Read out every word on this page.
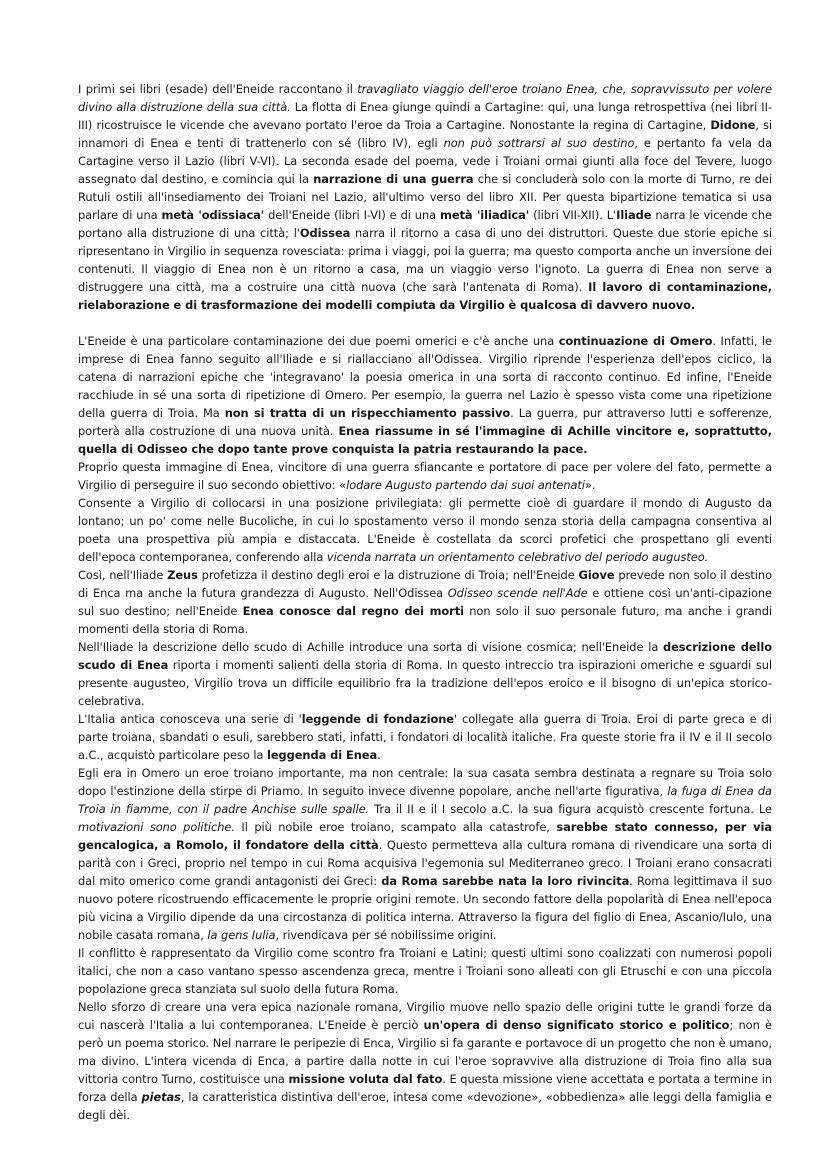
I primi sei libri (esade) dell'Eneide raccontano il travagliato viaggio dell'eroe troiano Enea, che, sopravvissuto per volere divino alla distruzione della sua città. La flotta di Enea giunge quindi a Cartagine: qui, una lunga retrospettiva (nei libri II-III) ricostruisce le vicende che avevano portato l'eroe da Troia a Cartagine. Nonostante la regina di Cartagine, Didone, si innamori di Enea e tenti di trattenerlo con sé (libro IV), egli non può sottrarsi al suo destino, e pertanto fa vela da Cartagine verso il Lazio (libri V-VI). La seconda esade del poema, vede i Troiani ormai giunti alla foce del Tevere, luogo assegnato dal destino, e comincia qui la narrazione di una guerra che si concluderà solo con la morte di Turno, re dei Rutuli ostili all'insediamento dei Troiani nel Lazio, all'ultimo verso del libro XII. Per questa bipartizione tematica si usa parlare di una metà 'odissiaca' dell'Eneide (libri I-VI) e di una metà 'iliadica' (libri VII-XII). L'Iliade narra le vicende che portano alla distruzione di una città; l'Odissea narra il ritorno a casa di uno dei distruttori. Queste due storie epiche si ripresentano in Virgilio in sequenza rovesciata: prima i viaggi, poi la guerra; ma questo comporta anche un inversione dei contenuti. Il viaggio di Enea non è un ritorno a casa, ma un viaggio verso l'ignoto. La guerra di Enea non serve a distruggere una città, ma a costruire una città nuova (che sarà l'antenata di Roma). Il lavoro di contaminazione, rielaborazione e di trasformazione dei modelli compiuta da Virgilio è qualcosa di davvero nuovo.

L'Eneide è una particolare contaminazione dei due poemi omerici e c'è anche una continuazione di Omero. Infatti, le imprese di Enea fanno seguito all'Iliade e si riallacciano all'Odissea. Virgilio riprende l'esperienza dell'epos ciclico, la catena di narrazioni epiche che 'integravano' la poesia omerica in una sorta di racconto continuo. Ed infine, l'Eneide racchiude in sé una sorta di ripetizione di Omero. Per esempio, la guerra nel Lazio è spesso vista come una ripetizione della guerra di Troia. Ma non si tratta di un rispecchiamento passivo. La guerra, pur attraverso lutti e sofferenze, porterà alla costruzione di una nuova unità. Enea riassume in sé l'immagine di Achille vincitore e, soprattutto, quella di Odisseo che dopo tante prove conquista la patria restaurando la pace.

Proprio questa immagine di Enea, vincitore di una guerra sfiancante e portatore di pace per volere del fato, permette a Virgilio di perseguire il suo secondo obiettivo: «lodare Augusto partendo dai suoi antenati».

Consente a Virgilio di collocarsi in una posizione privilegiata: gli permette cioè di guardare il mondo di Augusto da lontano; un po' come nelle Bucoliche, in cui lo spostamento verso il mondo senza storia della campagna consentiva al poeta una prospettiva più ampia e distaccata. L'Eneide è costellata da scorci profetici che prospettano gli eventi dell'epoca contemporanea, conferendo alla vicenda narrata un orientamento celebrativo del periodo augusteo.

Così, nell'Iliade Zeus profetizza il destino degli eroi e la distruzione di Troia; nell'Eneide Giove prevede non solo il destino di Enca ma anche la futura grandezza di Augusto. Nell'Odissea Odisseo scende nell'Ade e ottiene così un'anti-cipazione sul suo destino; nell'Eneide Enea conosce dal regno dei morti non solo il suo personale futuro, ma anche i grandi momenti della storia di Roma.

Nell'Iliade la descrizione dello scudo di Achille introduce una sorta di visione cosmica; nell'Eneide la descrizione dello scudo di Enea riporta i momenti salienti della storia di Roma. In questo intreccio tra ispirazioni omeriche e sguardi sul presente augusteo, Virgilio trova un difficile equilibrio fra la tradizione dell'epos eroico e il bisogno di un'epica storico-celebrativa.

L'Italia antica conosceva una serie di 'leggende di fondazione' collegate alla guerra di Troia. Eroi di parte greca e di parte troiana, sbandati o esuli, sarebbero stati, infatti, i fondatori di località italiche. Fra queste storie fra il IV e il II secolo a.C., acquistò particolare peso la leggenda di Enea.

Egli era in Omero un eroe troiano importante, ma non centrale: la sua casata sembra destinata a regnare su Troia solo dopo l'estinzione della stirpe di Priamo. In seguito invece divenne popolare, anche nell'arte figurativa, la fuga di Enea da Troia in fiamme, con il padre Anchise sulle spalle. Tra il II e il I secolo a.C. la sua figura acquistò crescente fortuna. Le motivazioni sono politiche. Il più nobile eroe troiano, scampato alla catastrofe, sarebbe stato connesso, per via gencalogica, a Romolo, il fondatore della città. Questo permetteva alla cultura romana di rivendicare una sorta di parità con i Greci, proprio nel tempo in cui Roma acquisiva l'egemonia sul Mediterraneo greco. I Troiani erano consacrati dal mito omerico come grandi antagonisti dei Greci: da Roma sarebbe nata la loro rivincita. Roma legittimava il suo nuovo potere ricostruendo efficacemente le proprie origini remote. Un secondo fattore della popolarità di Enea nell'epoca più vicina a Virgilio dipende da una circostanza di politica interna. Attraverso la figura del figlio di Enea, Ascanio/Iulo, una nobile casata romana, la gens Iulia, rivendicava per sé nobilissime origini.

Il conflitto è rappresentato da Virgilio come scontro fra Troiani e Latini; questi ultimi sono coalizzati con numerosi popoli italici, che non a caso vantano spesso ascendenza greca, mentre i Troiani sono alleati con gli Etruschi e con una piccola popolazione greca stanziata sul suolo della futura Roma.

Nello sforzo di creare una vera epica nazionale romana, Virgilio muove nello spazio delle origini tutte le grandi forze da cui nascerà l'Italia a lui contemporanea. L'Eneide è perciò un'opera di denso significato storico e politico; non è però un poema storico. Nel narrare le peripezie di Enca, Virgilio si fa garante e portavoce di un progetto che non è umano, ma divino. L'intera vicenda di Enca, a partire dalla notte in cui l'eroe sopravvive alla distruzione di Troia fino alla sua vittoria contro Turno, costituisce una missione voluta dal fato. E questa missione viene accettata e portata a termine in forza della pietas, la caratteristica distintiva dell'eroe, intesa come «devozione», «obbedienza» alle leggi della famiglia e degli dèi.
